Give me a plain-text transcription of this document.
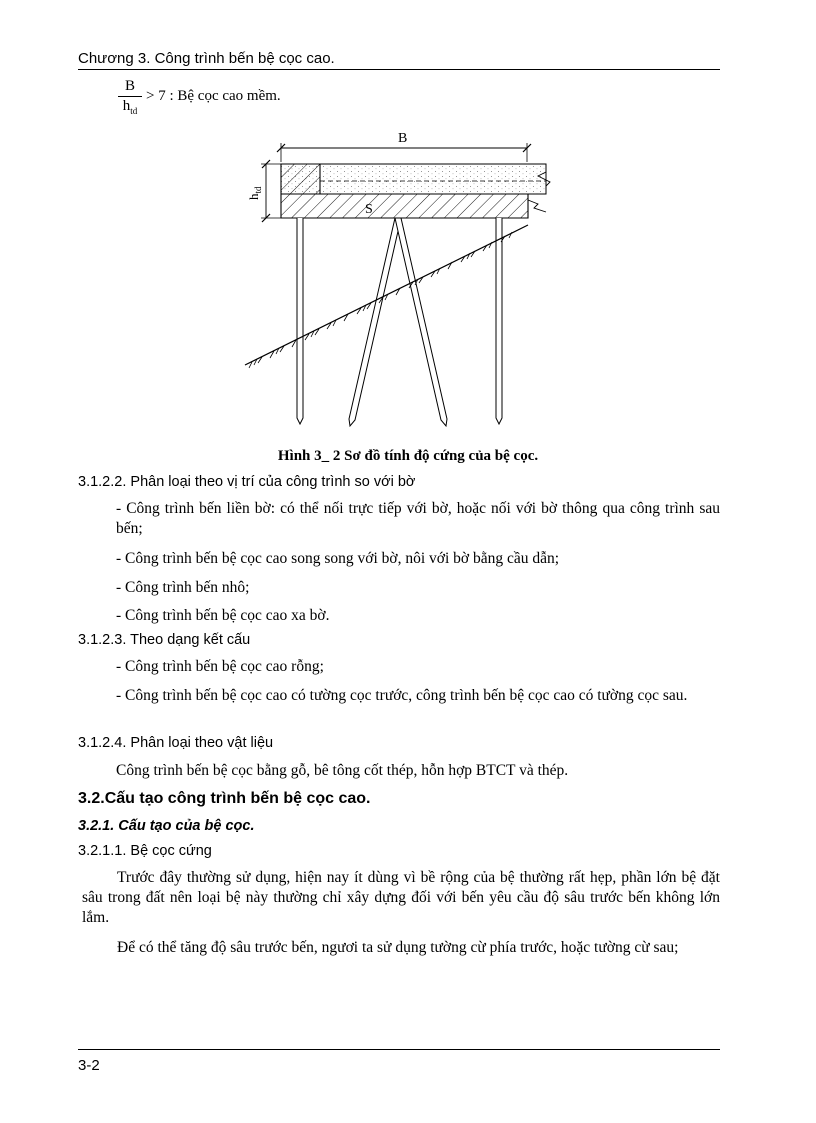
Chương 3. Công trình bến bệ cọc cao.
B
$h_{td}$
> 7 : Bệ cọc cao mềm.
B
S
$h_{td}$
Hình 3_ 2 Sơ đồ tính độ cứng của bệ cọc.
3.1.2.2. Phân loại theo vị trí của công trình so với bờ
- Công trình bến liền bờ: có thể nối trực tiếp với bờ, hoặc nối với bờ thông qua công trình sau bến;
- Công trình bến bệ cọc cao song song với bờ, nôi với bờ bằng cầu dẫn;
- Công trình bến nhô;
- Công trình bến bệ cọc cao xa bờ.
3.1.2.3. Theo dạng kết cấu
- Công trình bến bệ cọc cao rỗng;
- Công trình bến bệ cọc cao có tường cọc trước, công trình bến bệ cọc cao có tường cọc sau.
3.1.2.4. Phân loại theo vật liệu
Công trình bến bệ cọc bằng gỗ, bê tông cốt thép, hỗn hợp BTCT và thép.
3.2.Cấu tạo công trình bến bệ cọc cao.
3.2.1. Cấu tạo của bệ cọc.
3.2.1.1. Bệ cọc cứng
Trước đây thường sử dụng, hiện nay ít dùng vì bề rộng của bệ thường rất hẹp, phần lớn bệ đặt sâu trong đất nên loại bệ này thường chỉ xây dựng đối với bến yêu cầu độ sâu trước bến không lớn lắm.
Để có thể tăng độ sâu trước bến, ngươi ta sử dụng tường cừ phía trước, hoặc tường cừ sau;
3-2
